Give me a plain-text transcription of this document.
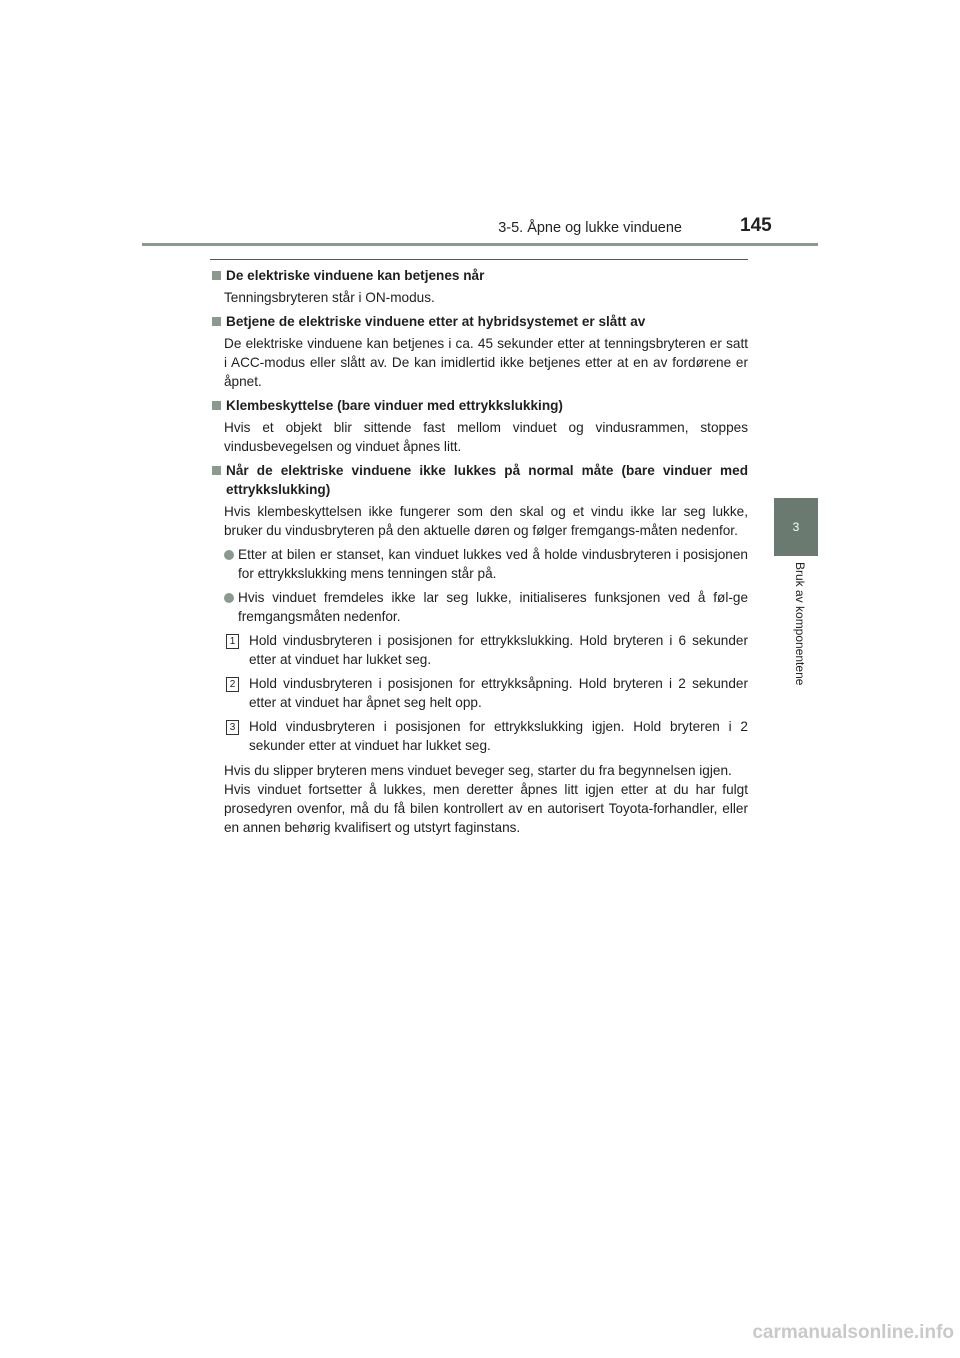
3-5. Åpne og lukke vinduene	145
3
Bruk av komponentene
De elektriske vinduene kan betjenes når

Tenningsbryteren står i ON-modus.

Betjene de elektriske vinduene etter at hybridsystemet er slått av

De elektriske vinduene kan betjenes i ca. 45 sekunder etter at tenningsbryteren er satt i ACC-modus eller slått av. De kan imidlertid ikke betjenes etter at en av fordørene er åpnet.

Klembeskyttelse (bare vinduer med ettrykkslukking)

Hvis et objekt blir sittende fast mellom vinduet og vindusrammen, stoppes vindusbevegelsen og vinduet åpnes litt.

Når de elektriske vinduene ikke lukkes på normal måte (bare vinduer med ettrykkslukking)

Hvis klembeskyttelsen ikke fungerer som den skal og et vindu ikke lar seg lukke, bruker du vindusbryteren på den aktuelle døren og følger fremgangs-måten nedenfor.

Etter at bilen er stanset, kan vinduet lukkes ved å holde vindusbryteren i posisjonen for ettrykkslukking mens tenningen står på.
Hvis vinduet fremdeles ikke lar seg lukke, initialiseres funksjonen ved å føl-ge fremgangsmåten nedenfor.
1 Hold vindusbryteren i posisjonen for ettrykkslukking. Hold bryteren i 6 sekunder etter at vinduet har lukket seg.
2 Hold vindusbryteren i posisjonen for ettrykksåpning. Hold bryteren i 2 sekunder etter at vinduet har åpnet seg helt opp.
3 Hold vindusbryteren i posisjonen for ettrykkslukking igjen. Hold bryteren i 2 sekunder etter at vinduet har lukket seg.

Hvis du slipper bryteren mens vinduet beveger seg, starter du fra begynnelsen igjen.

Hvis vinduet fortsetter å lukkes, men deretter åpnes litt igjen etter at du har fulgt prosedyren ovenfor, må du få bilen kontrollert av en autorisert Toyota-forhandler, eller en annen behørig kvalifisert og utstyrt faginstans.

carmanualsonline.info
